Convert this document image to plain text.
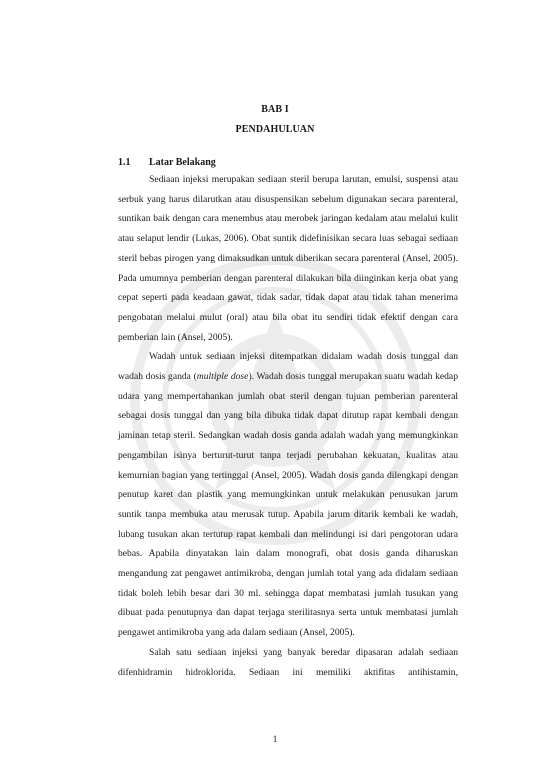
BAB I
PENDAHULUAN
1.1 Latar Belakang

Sediaan injeksi merupakan sediaan steril berupa larutan, emulsi, suspensi atau serbuk yang harus dilarutkan atau disuspensikan sebelum digunakan secara parenteral, suntikan baik dengan cara menembus atau merobek jaringan kedalam atau melalui kulit atau selaput lendir (Lukas, 2006). Obat suntik didefinisikan secara luas sebagai sediaan steril bebas pirogen yang dimaksudkan untuk diberikan secara parenteral (Ansel, 2005). Pada umumnya pemberian dengan parenteral dilakukan bila diinginkan kerja obat yang cepat seperti pada keadaan gawat, tidak sadar, tidak dapat atau tidak tahan menerima pengobatan melalui mulut (oral) atau bila obat itu sendiri tidak efektif dengan cara pemberian lain (Ansel, 2005).

Wadah untuk sediaan injeksi ditempatkan didalam wadah dosis tunggal dan wadah dosis ganda (multiple dose). Wadah dosis tunggal merupakan suatu wadah kedap udara yang mempertahankan jumlah obat steril dengan tujuan pemberian parenteral sebagai dosis tunggal dan yang bila dibuka tidak dapat ditutup rapat kembali dengan jaminan tetap steril. Sedangkan wadah dosis ganda adalah wadah yang memungkinkan pengambilan isinya berturut-turut tanpa terjadi perubahan kekuatan, kualitas atau kemurnian bagian yang tertinggal (Ansel, 2005). Wadah dosis ganda dilengkapi dengan penutup karet dan plastik yang memungkinkan untuk melakukan penusukan jarum suntik tanpa membuka atau merusak tutup. Apabila jarum ditarik kembali ke wadah, lubang tusukan akan tertutup rapat kembali dan melindungi isi dari pengotoran udara bebas. Apabila dinyatakan lain dalam monografi, obat dosis ganda diharuskan mengandung zat pengawet antimikroba, dengan jumlah total yang ada didalam sediaan tidak boleh lebih besar dari 30 ml. sehingga dapat membatasi jumlah tusukan yang dibuat pada penutupnya dan dapat terjaga sterilitasnya serta untuk membatasi jumlah pengawet antimikroba yang ada dalam sediaan (Ansel, 2005).

Salah satu sediaan injeksi yang banyak beredar dipasaran adalah sediaan difenhidramin hidroklorida. Sediaan ini memiliki aktifitas antihistamin,

1
